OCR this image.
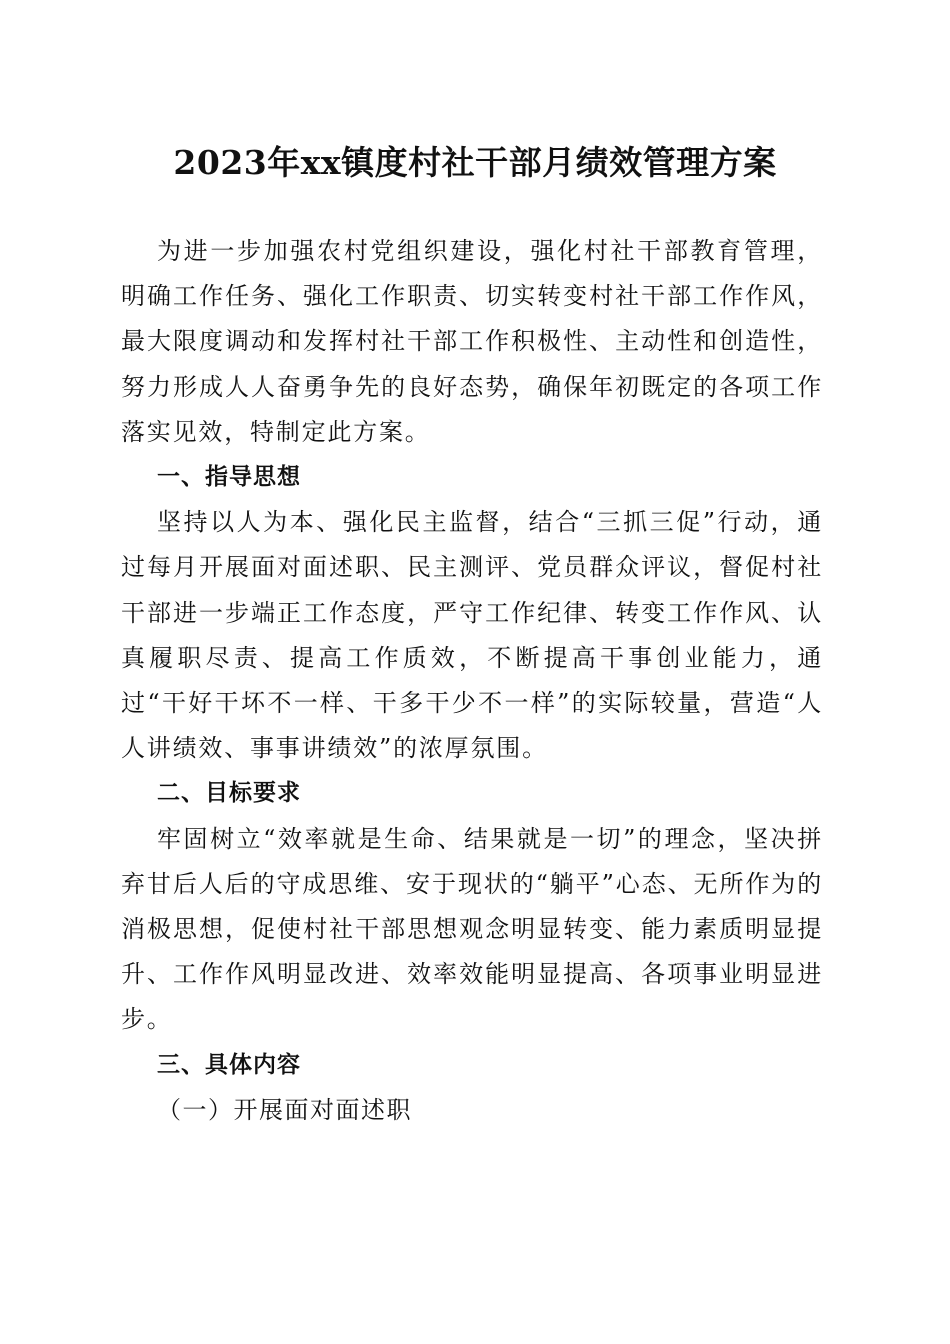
2023年xx镇度村社干部月绩效管理方案

为进一步加强农村党组织建设，强化村社干部教育管理，明确工作任务、强化工作职责、切实转变村社干部工作作风，最大限度调动和发挥村社干部工作积极性、主动性和创造性，努力形成人人奋勇争先的良好态势，确保年初既定的各项工作落实见效，特制定此方案。

一、指导思想

坚持以人为本、强化民主监督，结合“三抓三促”行动，通过每月开展面对面述职、民主测评、党员群众评议，督促村社干部进一步端正工作态度，严守工作纪律、转变工作作风、认真履职尽责、提高工作质效，不断提高干事创业能力，通过“干好干坏不一样、干多干少不一样”的实际较量，营造“人人讲绩效、事事讲绩效”的浓厚氛围。

二、目标要求

牢固树立“效率就是生命、结果就是一切”的理念，坚决拼弃甘后人后的守成思维、安于现状的“躺平”心态、无所作为的消极思想，促使村社干部思想观念明显转变、能力素质明显提升、工作作风明显改进、效率效能明显提高、各项事业明显进步。

三、具体内容

（一）开展面对面述职
